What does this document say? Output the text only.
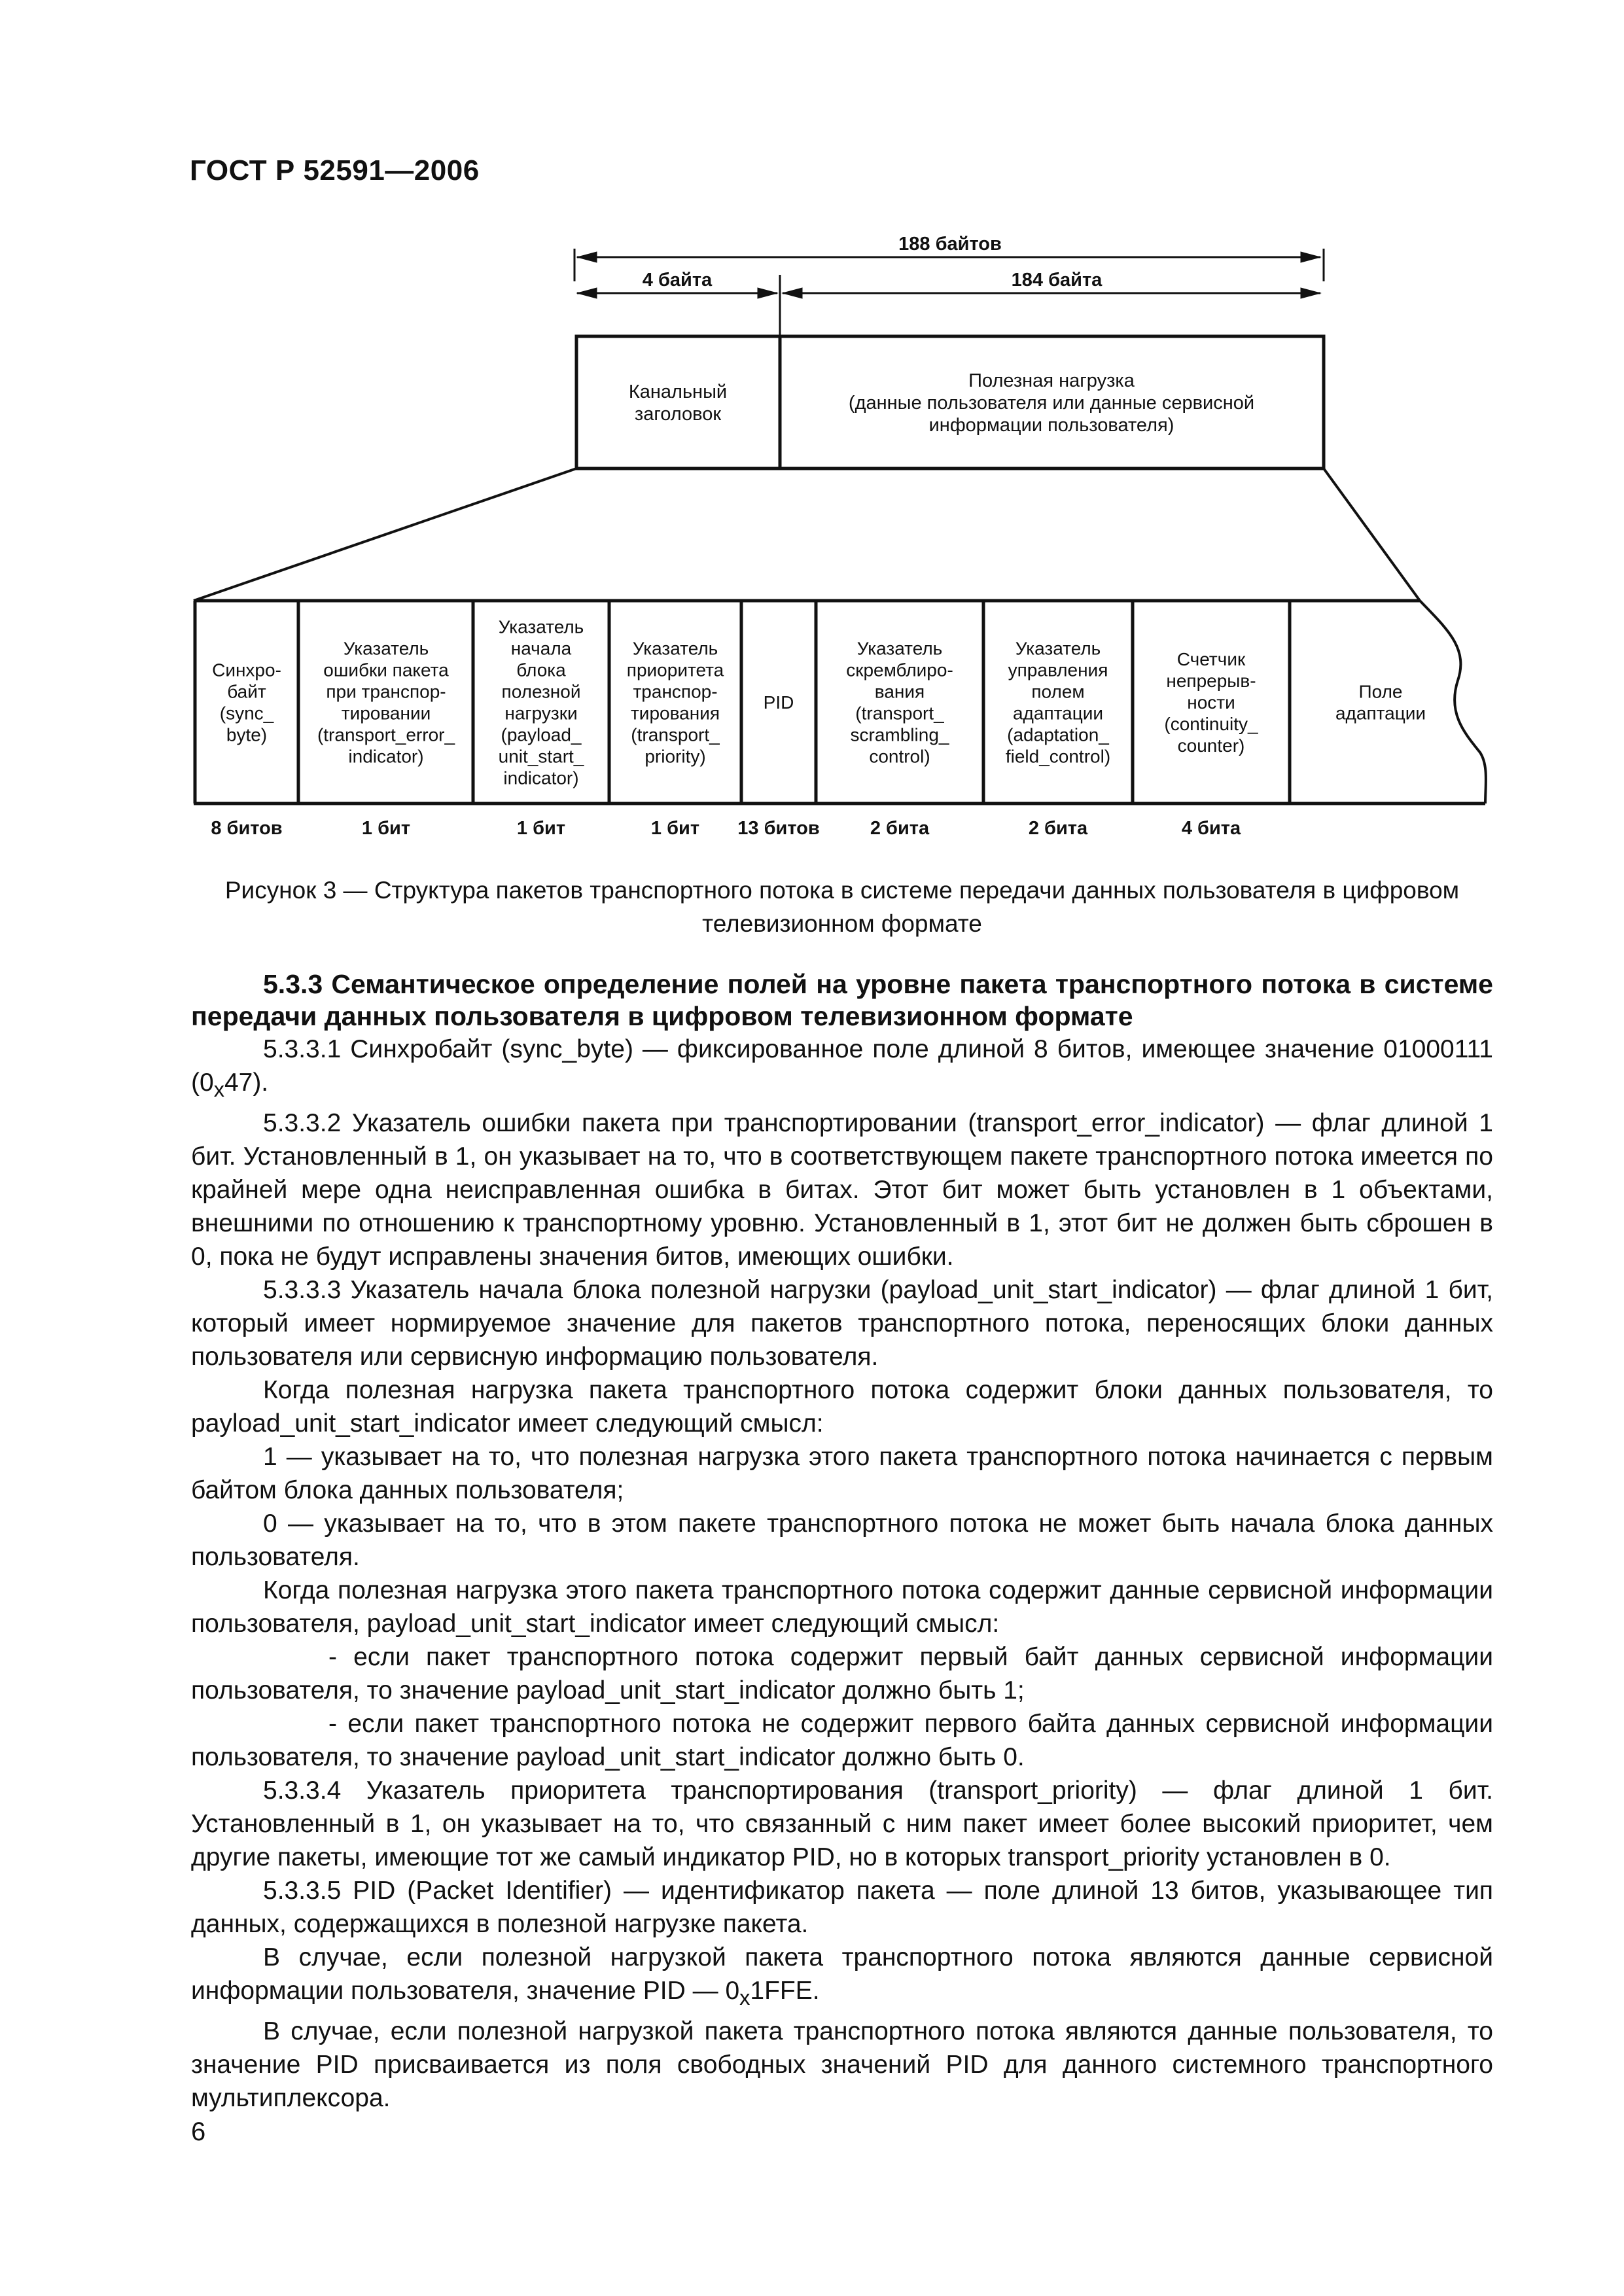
ГОСТ Р 52591—2006
188 байтов
4 байта	184 байта
Канальный
заголовок
Полезная нагрузка
(данные пользователя или данные сервисной
информации пользователя)
Синхро-
байт
(sync_
byte)
Указатель
ошибки пакета
при транспор-
тировании
(transport_error_
indicator)
Указатель
начала
блока
полезной
нагрузки
(payload_
unit_start_
indicator)
Указатель
приоритета
транспор-
тирования
(transport_
priority)
PID
Указатель
скремблиро-
вания
(transport_
scrambling_
control)
Указатель
управления
полем
адаптации
(adaptation_
field_control)
Счетчик
непрерыв-
ности
(continuity_
counter)
Поле
адаптации
8 битов	1 бит	1 бит	1 бит 13 битов	2 бита	2 бита	4 бита
Рисунок 3 — Структура пакетов транспортного потока в системе передачи данных пользователя в цифровом телевизионном формате

5.3.3 Семантическое определение полей на уровне пакета транспортного потока в системе передачи данных пользователя в цифровом телевизионном формате

5.3.3.1 Синхробайт (sync_byte) — фиксированное поле длиной 8 битов, имеющее значение 01000111 $(0_x47)$.

5.3.3.2 Указатель ошибки пакета при транспортировании (transport_error_indicator) — флаг длиной 1 бит. Установленный в 1, он указывает на то, что в соответствующем пакете транспортного потока имеется по крайней мере одна неисправленная ошибка в битах. Этот бит может быть установлен в 1 объектами, внешними по отношению к транспортному уровню. Установленный в 1, этот бит не должен быть сброшен в 0, пока не будут исправлены значения битов, имеющих ошибки.

5.3.3.3 Указатель начала блока полезной нагрузки (payload_unit_start_indicator) — флаг длиной 1 бит, который имеет нормируемое значение для пакетов транспортного потока, переносящих блоки данных пользователя или сервисную информацию пользователя.

Когда полезная нагрузка пакета транспортного потока содержит блоки данных пользователя, то payload_unit_start_indicator имеет следующий смысл:

1 — указывает на то, что полезная нагрузка этого пакета транспортного потока начинается с первым байтом блока данных пользователя;

0 — указывает на то, что в этом пакете транспортного потока не может быть начала блока данных пользователя.

Когда полезная нагрузка этого пакета транспортного потока содержит данные сервисной информации пользователя, payload_unit_start_indicator имеет следующий смысл:

- если пакет транспортного потока содержит первый байт данных сервисной информации пользователя, то значение payload_unit_start_indicator должно быть 1;

- если пакет транспортного потока не содержит первого байта данных сервисной информации пользователя, то значение payload_unit_start_indicator должно быть 0.

5.3.3.4 Указатель приоритета транспортирования (transport_priority) — флаг длиной 1 бит. Установленный в 1, он указывает на то, что связанный с ним пакет имеет более высокий приоритет, чем другие пакеты, имеющие тот же самый индикатор PID, но в которых transport_priority установлен в 0.

5.3.3.5 PID (Packet Identifier) — идентификатор пакета — поле длиной 13 битов, указывающее тип данных, содержащихся в полезной нагрузке пакета.

В случае, если полезной нагрузкой пакета транспортного потока являются данные сервисной информации пользователя, значение PID — $0_x1FFE$.

В случае, если полезной нагрузкой пакета транспортного потока являются данные пользователя, то значение PID присваивается из поля свободных значений PID для данного системного транспортного мультиплексора.

6
